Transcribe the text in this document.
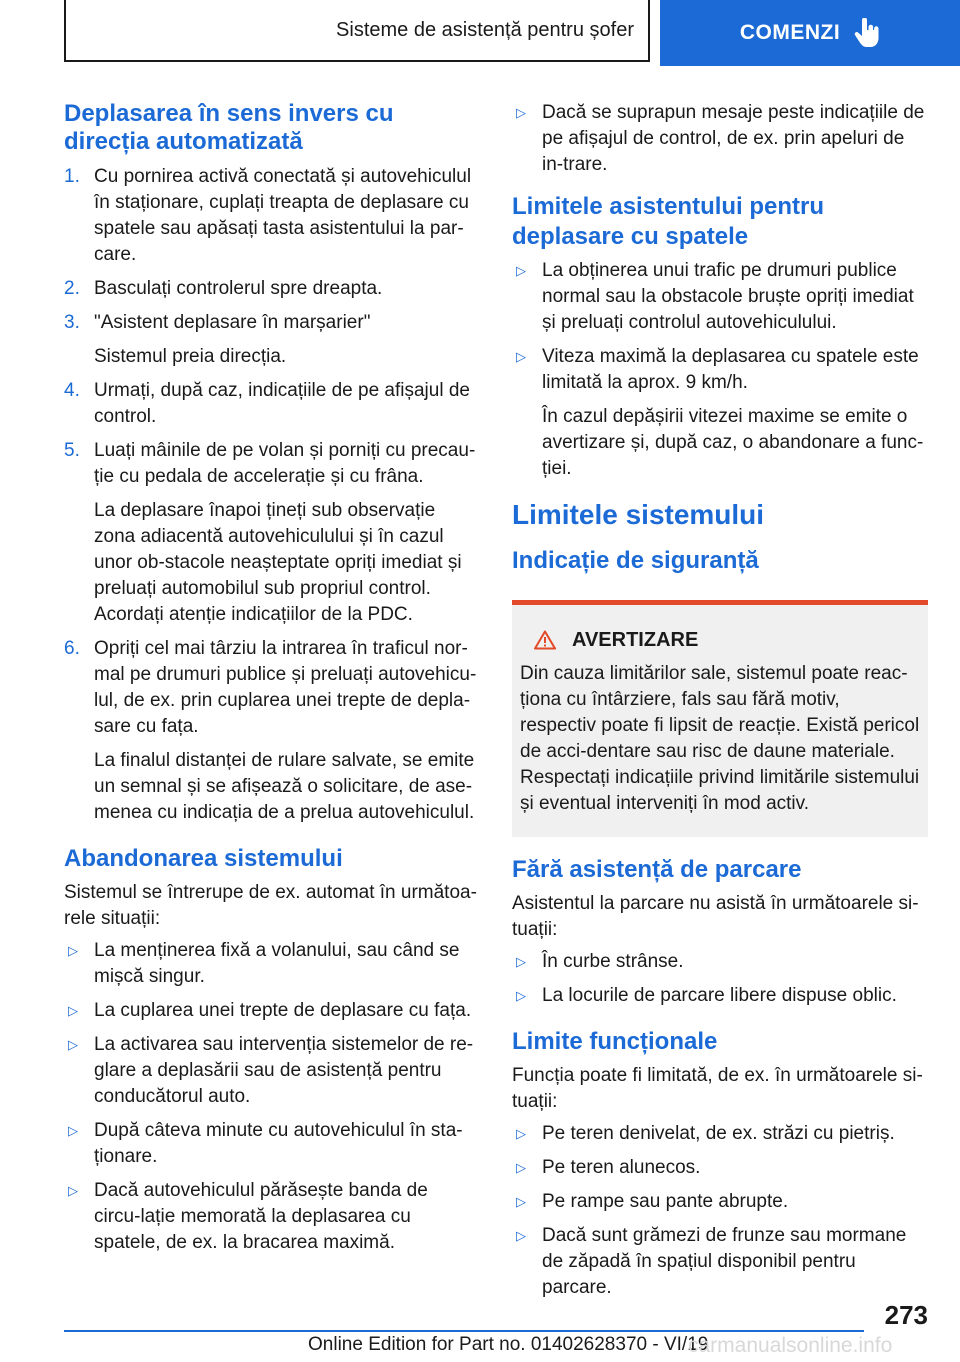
Sisteme de asistență pentru șofer	COMENZI
Deplasarea în sens invers cu direcția automatizată
1. Cu pornirea activă conectată și autovehiculul în staționare, cuplați treapta de deplasare cu spatele sau apăsați tasta asistentului la par-care.
2. Basculați controlerul spre dreapta.
3. "Asistent deplasare în marșarier"

Sistemul preia direcția.

4. Urmați, după caz, indicațiile de pe afișajul de control.
5. Luați mâinile de pe volan și porniți cu precau-ție cu pedala de accelerație și cu frâna.

La deplasare înapoi țineți sub observație zona adiacentă autovehiculului și în cazul unor ob-stacole neașteptate opriți imediat și preluați automobilul sub propriul control. Acordați atenție indicațiilor de la PDC.

6. Opriți cel mai târziu la intrarea în traficul nor-mal pe drumuri publice și preluați autovehicu-lul, de ex. prin cuplarea unei trepte de depla-sare cu fața.

La finalul distanței de rulare salvate, se emite un semnal și se afișează o solicitare, de ase-menea cu indicația de a prelua autovehiculul.

Abandonarea sistemului

Sistemul se întrerupe de ex. automat în următoa-rele situații:

▷ La menținerea fixă a volanului, sau când se mișcă singur.
▷ La cuplarea unei trepte de deplasare cu fața.
▷ La activarea sau intervenția sistemelor de re-glare a deplasării sau de asistență pentru conducătorul auto.
▷ După câteva minute cu autovehiculul în sta-ționare.
▷ Dacă autovehiculul părăsește banda de circu-lație memorată la deplasarea cu spatele, de ex. la bracarea maximă.
▷ Dacă se suprapun mesaje peste indicațiile de pe afișajul de control, de ex. prin apeluri de in-trare.
Limitele asistentului pentru deplasare cu spatele
▷ La obținerea unui trafic pe drumuri publice normal sau la obstacole bruște opriți imediat și preluați controlul autovehiculului.
▷ Viteza maximă la deplasarea cu spatele este limitată la aprox. 9 km/h.

În cazul depășirii vitezei maxime se emite o avertizare și, după caz, o abandonare a func-ției.

Limitele sistemului
Indicație de siguranță
AVERTIZARE

Din cauza limitărilor sale, sistemul poate reac-ționa cu întârziere, fals sau fără motiv, respectiv poate fi lipsit de reacție. Există pericol de acci-dentare sau risc de daune materiale. Respectați indicațiile privind limitările sistemului și eventual interveniți în mod activ.

Fără asistență de parcare

Asistentul la parcare nu asistă în următoarele si-tuații:

▷ În curbe strânse.
▷ La locurile de parcare libere dispuse oblic.
Limite funcționale

Funcția poate fi limitată, de ex. în următoarele si-tuații:

▷ Pe teren denivelat, de ex. străzi cu pietriș.
▷ Pe teren alunecos.
▷ Pe rampe sau pante abrupte.
▷ Dacă sunt grămezi de frunze sau mormane de zăpadă în spațiul disponibil pentru parcare.
273
Online Edition for Part no. 01402628370 - VI/19
carmanualsonline.info
